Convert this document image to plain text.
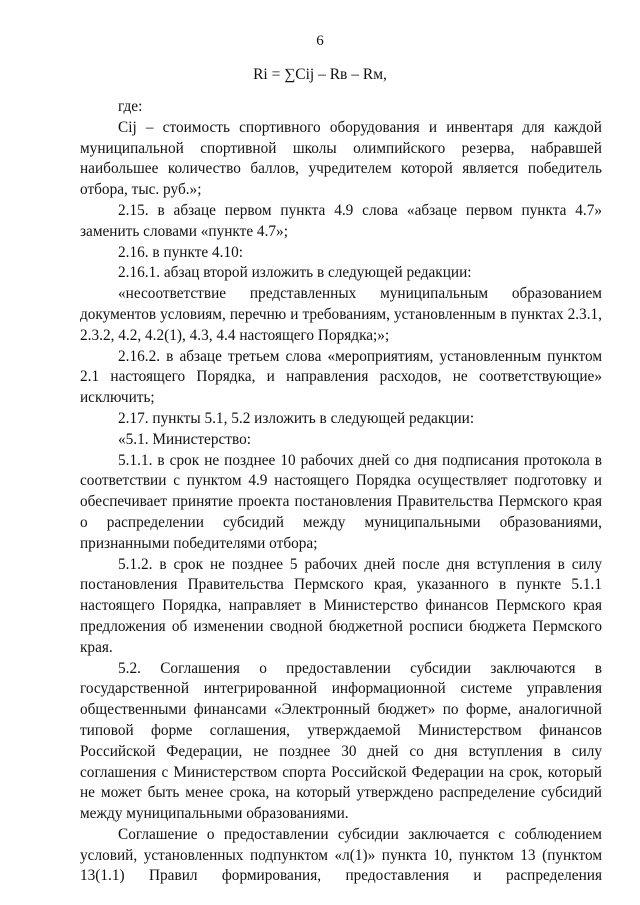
6
Ri = ∑Cij – Rв – Rм,

где:

Cij – стоимость спортивного оборудования и инвентаря для каждой муниципальной спортивной школы олимпийского резерва, набравшей наибольшее количество баллов, учредителем которой является победитель отбора, тыс. руб.»;

2.15. в абзаце первом пункта 4.9 слова «абзаце первом пункта 4.7» заменить словами «пункте 4.7»;

2.16. в пункте 4.10:

2.16.1. абзац второй изложить в следующей редакции:

«несоответствие представленных муниципальным образованием документов условиям, перечню и требованиям, установленным в пунктах 2.3.1, 2.3.2, 4.2, 4.2(1), 4.3, 4.4 настоящего Порядка;»;

2.16.2. в абзаце третьем слова «мероприятиям, установленным пунктом 2.1 настоящего Порядка, и направления расходов, не соответствующие» исключить;

2.17. пункты 5.1, 5.2 изложить в следующей редакции:

«5.1. Министерство:

5.1.1. в срок не позднее 10 рабочих дней со дня подписания протокола в соответствии с пунктом 4.9 настоящего Порядка осуществляет подготовку и обеспечивает принятие проекта постановления Правительства Пермского края о распределении субсидий между муниципальными образованиями, признанными победителями отбора;

5.1.2. в срок не позднее 5 рабочих дней после дня вступления в силу постановления Правительства Пермского края, указанного в пункте 5.1.1 настоящего Порядка, направляет в Министерство финансов Пермского края предложения об изменении сводной бюджетной росписи бюджета Пермского края.

5.2. Соглашения о предоставлении субсидии заключаются в государственной интегрированной информационной системе управления общественными финансами «Электронный бюджет» по форме, аналогичной типовой форме соглашения, утверждаемой Министерством финансов Российской Федерации, не позднее 30 дней со дня вступления в силу соглашения с Министерством спорта Российской Федерации на срок, который не может быть менее срока, на который утверждено распределение субсидий между муниципальными образованиями.

Соглашение о предоставлении субсидии заключается с соблюдением условий, установленных подпунктом «л(1)» пункта 10, пунктом 13 (пунктом 13(1.1) Правил формирования, предоставления и распределения
